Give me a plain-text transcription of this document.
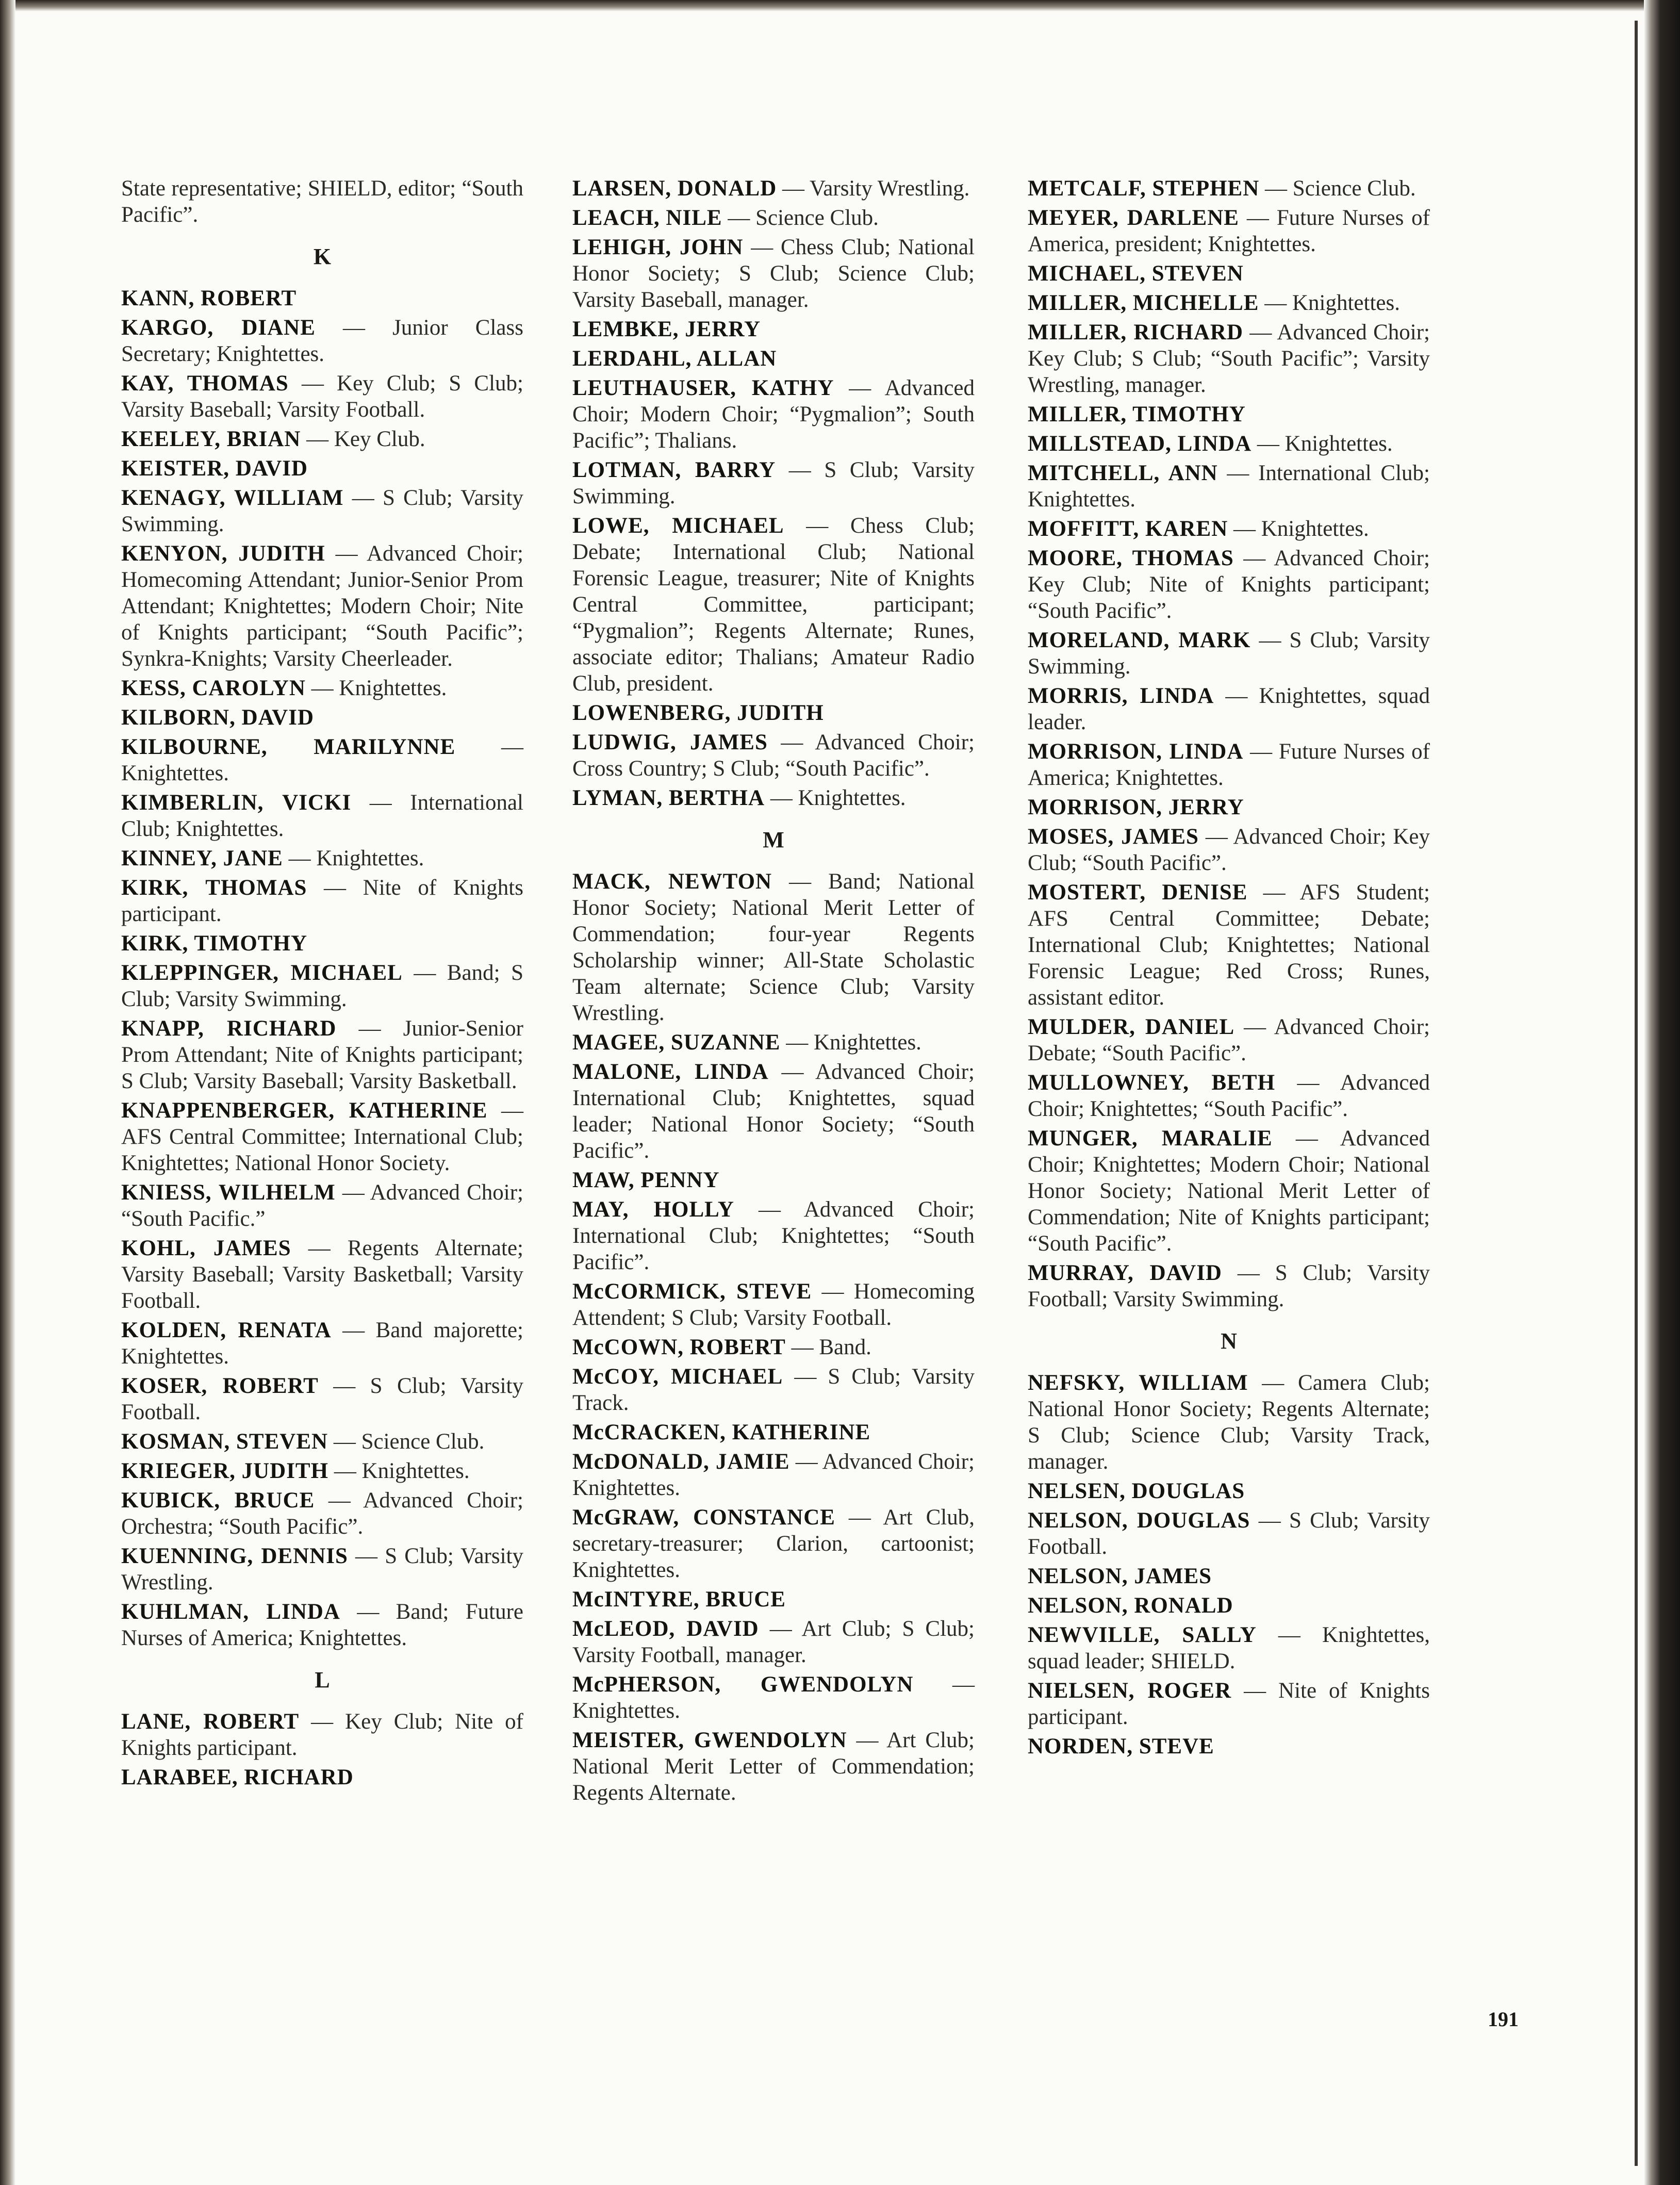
State representative; SHIELD, editor; “South Pacific”.
K
KANN, ROBERT
KARGO, DIANE — Junior Class Secretary; Knightettes.
KAY, THOMAS — Key Club; S Club; Varsity Baseball; Varsity Football.
KEELEY, BRIAN — Key Club.
KEISTER, DAVID
KENAGY, WILLIAM — S Club; Varsity Swimming.
KENYON, JUDITH — Advanced Choir; Homecoming Attendant; Junior-Senior Prom Attendant; Knightettes; Modern Choir; Nite of Knights participant; “South Pacific”; Synkra-Knights; Varsity Cheerleader.
KESS, CAROLYN — Knightettes.
KILBORN, DAVID
KILBOURNE, MARILYNNE — Knightettes.
KIMBERLIN, VICKI — International Club; Knightettes.
KINNEY, JANE — Knightettes.
KIRK, THOMAS — Nite of Knights participant.
KIRK, TIMOTHY
KLEPPINGER, MICHAEL — Band; S Club; Varsity Swimming.
KNAPP, RICHARD — Junior-Senior Prom Attendant; Nite of Knights participant; S Club; Varsity Baseball; Varsity Basketball.
KNAPPENBERGER, KATHERINE — AFS Central Committee; International Club; Knightettes; National Honor Society.
KNIESS, WILHELM — Advanced Choir; “South Pacific.”
KOHL, JAMES — Regents Alternate; Varsity Baseball; Varsity Basketball; Varsity Football.
KOLDEN, RENATA — Band majorette; Knightettes.
KOSER, ROBERT — S Club; Varsity Football.
KOSMAN, STEVEN — Science Club.
KRIEGER, JUDITH — Knightettes.
KUBICK, BRUCE — Advanced Choir; Orchestra; “South Pacific”.
KUENNING, DENNIS — S Club; Varsity Wrestling.
KUHLMAN, LINDA — Band; Future Nurses of America; Knightettes.
L
LANE, ROBERT — Key Club; Nite of Knights participant.
LARABEE, RICHARD
LARSEN, DONALD — Varsity Wrestling.
LEACH, NILE — Science Club.
LEHIGH, JOHN — Chess Club; National Honor Society; S Club; Science Club; Varsity Baseball, manager.
LEMBKE, JERRY
LERDAHL, ALLAN
LEUTHAUSER, KATHY — Advanced Choir; Modern Choir; “Pygmalion”; South Pacific”; Thalians.
LOTMAN, BARRY — S Club; Varsity Swimming.
LOWE, MICHAEL — Chess Club; Debate; International Club; National Forensic League, treasurer; Nite of Knights Central Committee, participant; “Pygmalion”; Regents Alternate; Runes, associate editor; Thalians; Amateur Radio Club, president.
LOWENBERG, JUDITH
LUDWIG, JAMES — Advanced Choir; Cross Country; S Club; “South Pacific”.
LYMAN, BERTHA — Knightettes.
M
MACK, NEWTON — Band; National Honor Society; National Merit Letter of Commendation; four-year Regents Scholarship winner; All-State Scholastic Team alternate; Science Club; Varsity Wrestling.
MAGEE, SUZANNE — Knightettes.
MALONE, LINDA — Advanced Choir; International Club; Knightettes, squad leader; National Honor Society; “South Pacific”.
MAW, PENNY
MAY, HOLLY — Advanced Choir; International Club; Knightettes; “South Pacific”.
McCORMICK, STEVE — Homecoming Attendent; S Club; Varsity Football.
McCOWN, ROBERT — Band.
McCOY, MICHAEL — S Club; Varsity Track.
McCRACKEN, KATHERINE
McDONALD, JAMIE — Advanced Choir; Knightettes.
McGRAW, CONSTANCE — Art Club, secretary-treasurer; Clarion, cartoonist; Knightettes.
McINTYRE, BRUCE
McLEOD, DAVID — Art Club; S Club; Varsity Football, manager.
McPHERSON, GWENDOLYN — Knightettes.
MEISTER, GWENDOLYN — Art Club; National Merit Letter of Commendation; Regents Alternate.
METCALF, STEPHEN — Science Club.
MEYER, DARLENE — Future Nurses of America, president; Knightettes.
MICHAEL, STEVEN
MILLER, MICHELLE — Knightettes.
MILLER, RICHARD — Advanced Choir; Key Club; S Club; “South Pacific”; Varsity Wrestling, manager.
MILLER, TIMOTHY
MILLSTEAD, LINDA — Knightettes.
MITCHELL, ANN — International Club; Knightettes.
MOFFITT, KAREN — Knightettes.
MOORE, THOMAS — Advanced Choir; Key Club; Nite of Knights participant; “South Pacific”.
MORELAND, MARK — S Club; Varsity Swimming.
MORRIS, LINDA — Knightettes, squad leader.
MORRISON, LINDA — Future Nurses of America; Knightettes.
MORRISON, JERRY
MOSES, JAMES — Advanced Choir; Key Club; “South Pacific”.
MOSTERT, DENISE — AFS Student; AFS Central Committee; Debate; International Club; Knightettes; National Forensic League; Red Cross; Runes, assistant editor.
MULDER, DANIEL — Advanced Choir; Debate; “South Pacific”.
MULLOWNEY, BETH — Advanced Choir; Knightettes; “South Pacific”.
MUNGER, MARALIE — Advanced Choir; Knightettes; Modern Choir; National Honor Society; National Merit Letter of Commendation; Nite of Knights participant; “South Pacific”.
MURRAY, DAVID — S Club; Varsity Football; Varsity Swimming.
N
NEFSKY, WILLIAM — Camera Club; National Honor Society; Regents Alternate; S Club; Science Club; Varsity Track, manager.
NELSEN, DOUGLAS
NELSON, DOUGLAS — S Club; Varsity Football.
NELSON, JAMES
NELSON, RONALD
NEWVILLE, SALLY — Knightettes, squad leader; SHIELD.
NIELSEN, ROGER — Nite of Knights participant.
NORDEN, STEVE
191
